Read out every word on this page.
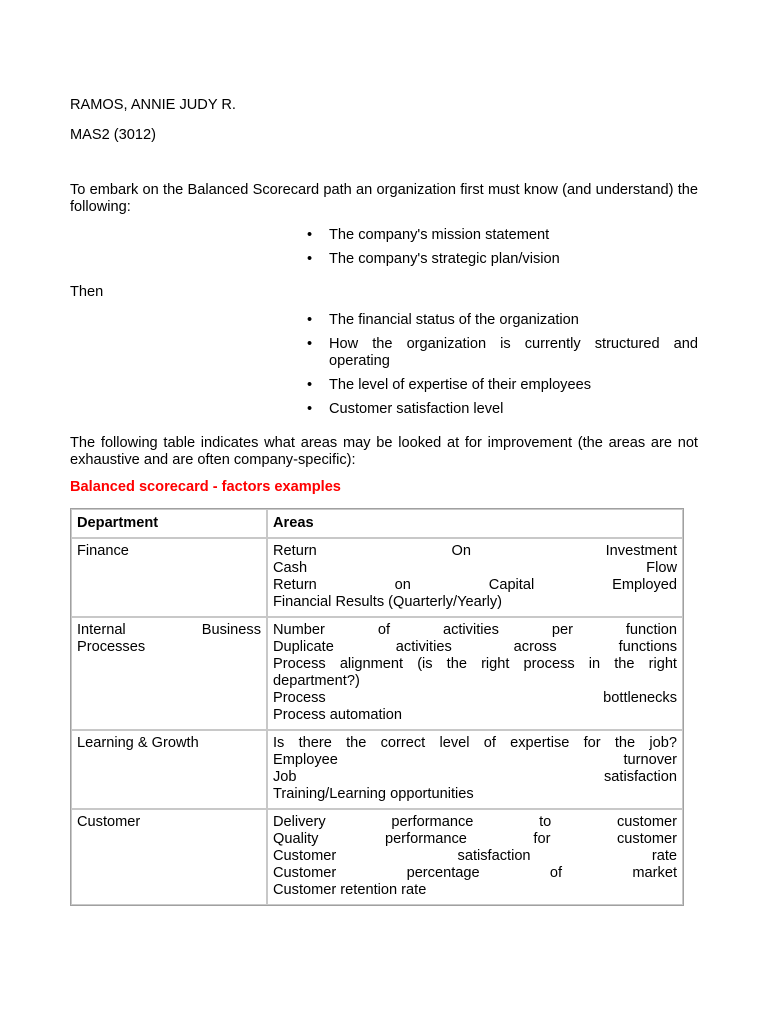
RAMOS, ANNIE JUDY R.

MAS2 (3012)

To embark on the Balanced Scorecard path an organization first must know (and understand) the following:

• The company's mission statement
• The company's strategic plan/vision

Then

• The financial status of the organization
• How the organization is currently structured and operating
• The level of expertise of their employees
• Customer satisfaction level

The following table indicates what areas may be looked at for improvement (the areas are not exhaustive and are often company-specific):

Balanced scorecard - factors examples

Department	Areas
Finance	Return On Investment
Cash Flow
Return on Capital Employed
Financial Results (Quarterly/Yearly)

Internal Business Processes	Number of activities per function
Duplicate activities across functions
Process alignment (is the right process in the right department?)
Process bottlenecks
Process automation

Learning & Growth	Is there the correct level of expertise for the job?
Employee turnover
Job satisfaction
Training/Learning opportunities

Customer	Delivery performance to customer
Quality performance for customer
Customer satisfaction rate
Customer percentage of market
Customer retention rate
